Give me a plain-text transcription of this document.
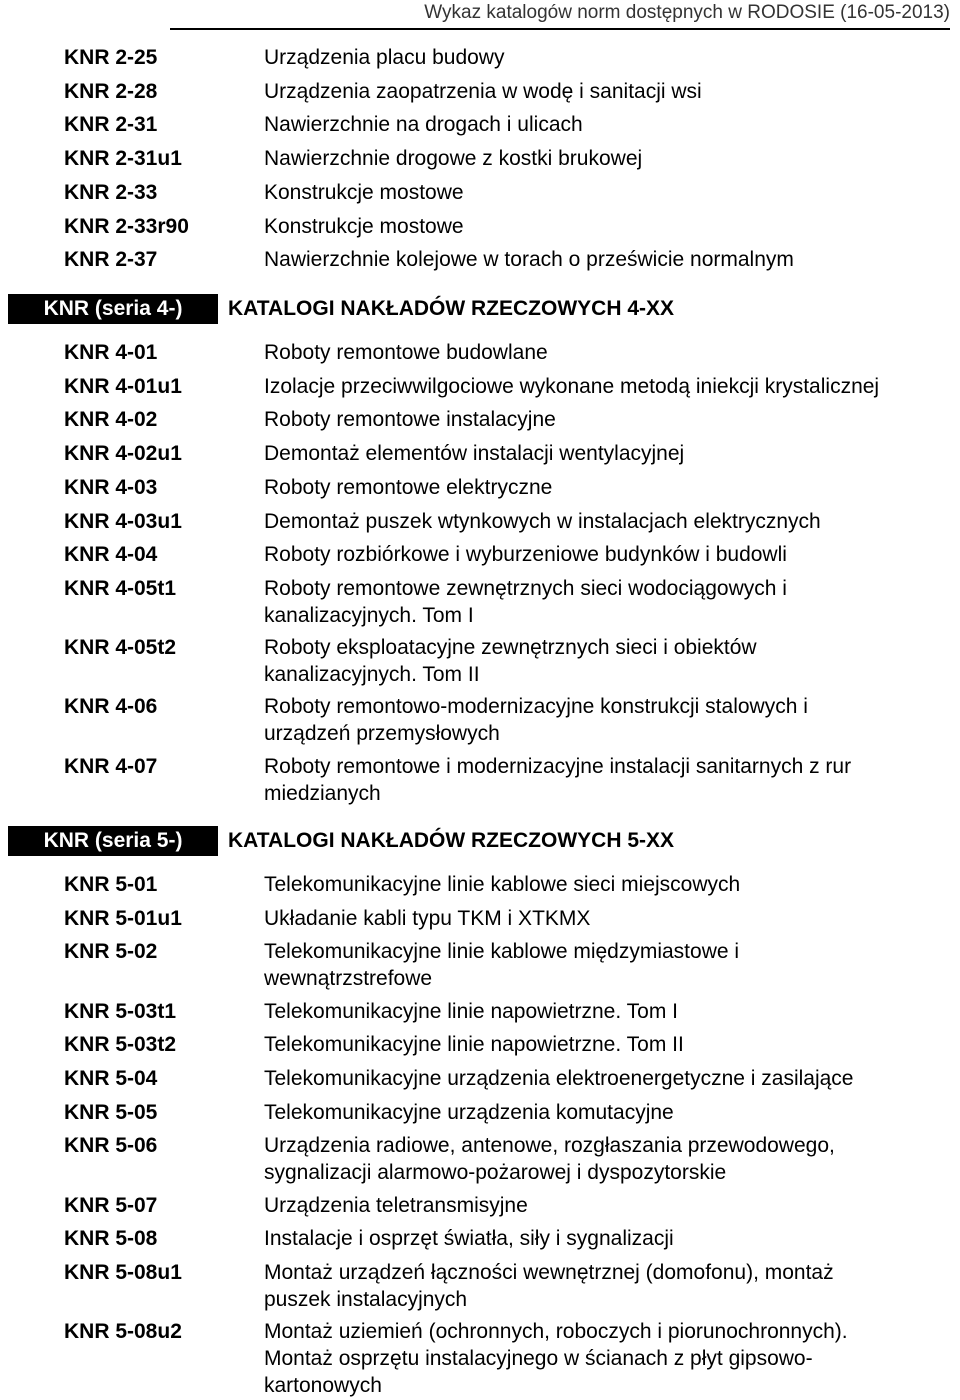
Wykaz katalogów norm dostępnych w RODOSIE (16-05-2013)
KNR 2-25	Urządzenia placu budowy
KNR 2-28	Urządzenia zaopatrzenia w wodę i sanitacji wsi
KNR 2-31	Nawierzchnie na drogach i ulicach
KNR 2-31u1	Nawierzchnie drogowe z kostki brukowej
KNR 2-33	Konstrukcje mostowe
KNR 2-33r90	Konstrukcje mostowe
KNR 2-37	Nawierzchnie kolejowe w torach o prześwicie normalnym
KNR (seria 4-)	KATALOGI NAKŁADÓW RZECZOWYCH 4-XX
KNR 4-01	Roboty remontowe budowlane
KNR 4-01u1	Izolacje przeciwwilgociowe wykonane metodą iniekcji krystalicznej
KNR 4-02	Roboty remontowe instalacyjne
KNR 4-02u1	Demontaż elementów instalacji wentylacyjnej
KNR 4-03	Roboty remontowe elektryczne
KNR 4-03u1	Demontaż puszek wtynkowych w instalacjach elektrycznych
KNR 4-04	Roboty rozbiórkowe i wyburzeniowe budynków i budowli
KNR 4-05t1	Roboty remontowe zewnętrznych sieci wodociągowych i
kanalizacyjnych. Tom I
KNR 4-05t2	Roboty eksploatacyjne zewnętrznych sieci i obiektów
kanalizacyjnych. Tom II
KNR 4-06	Roboty remontowo-modernizacyjne konstrukcji stalowych i
urządzeń przemysłowych
KNR 4-07	Roboty remontowe i modernizacyjne instalacji sanitarnych z rur
miedzianych
KNR (seria 5-)	KATALOGI NAKŁADÓW RZECZOWYCH 5-XX
KNR 5-01	Telekomunikacyjne linie kablowe sieci miejscowych
KNR 5-01u1	Układanie kabli typu TKM i XTKMX
KNR 5-02	Telekomunikacyjne linie kablowe międzymiastowe i
wewnątrzstrefowe
KNR 5-03t1	Telekomunikacyjne linie napowietrzne. Tom I
KNR 5-03t2	Telekomunikacyjne linie napowietrzne. Tom II
KNR 5-04	Telekomunikacyjne urządzenia elektroenergetyczne i zasilające
KNR 5-05	Telekomunikacyjne urządzenia komutacyjne
KNR 5-06	Urządzenia radiowe, antenowe, rozgłaszania przewodowego,
sygnalizacji alarmowo-pożarowej i dyspozytorskie
KNR 5-07	Urządzenia teletransmisyjne
KNR 5-08	Instalacje i osprzęt światła, siły i sygnalizacji
KNR 5-08u1	Montaż urządzeń łączności wewnętrznej (domofonu), montaż
puszek instalacyjnych
KNR 5-08u2	Montaż uziemień (ochronnych, roboczych i piorunochronnych).
Montaż osprzętu instalacyjnego w ścianach z płyt gipsowo-
kartonowych
